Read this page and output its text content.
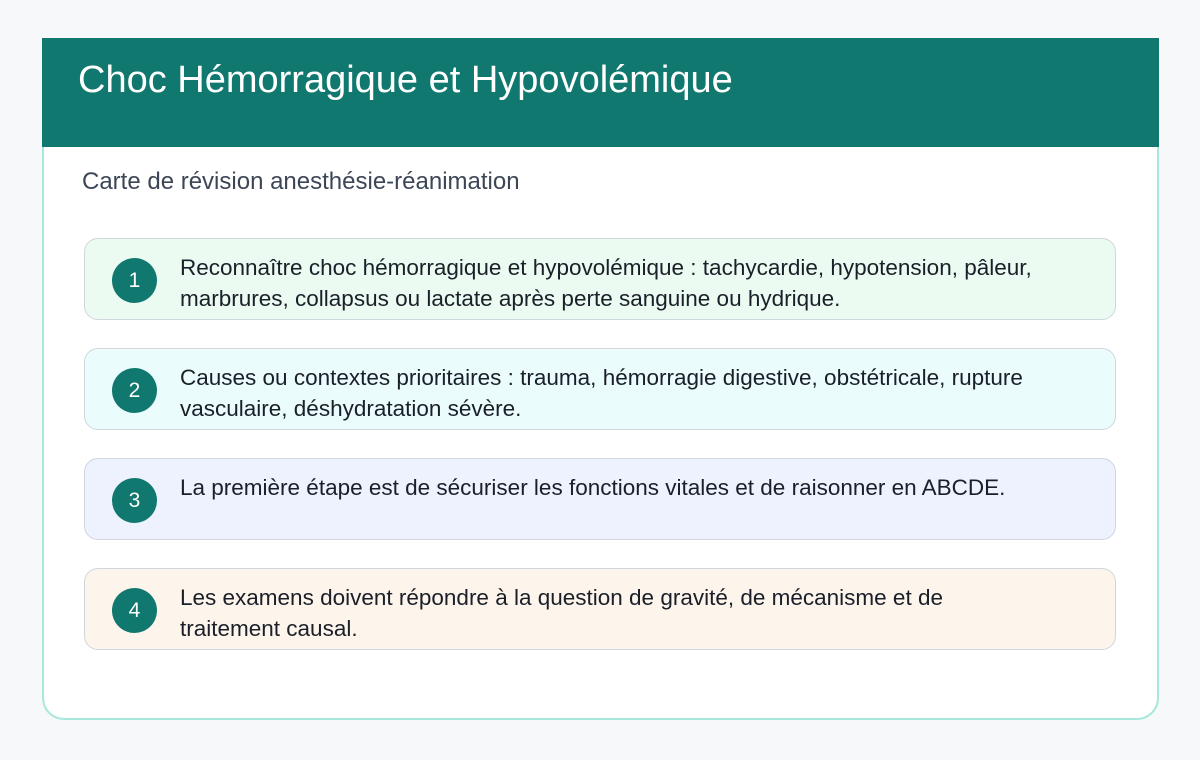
Choc Hémorragique et Hypovolémique
Carte de révision anesthésie-réanimation
1	Reconnaître choc hémorragique et hypovolémique : tachycardie, hypotension, pâleur, marbrures, collapsus ou lactate après perte sanguine ou hydrique.
2	Causes ou contextes prioritaires : trauma, hémorragie digestive, obstétricale, rupture vasculaire, déshydratation sévère.
3	La première étape est de sécuriser les fonctions vitales et de raisonner en ABCDE.
4	Les examens doivent répondre à la question de gravité, de mécanisme et de traitement causal.
